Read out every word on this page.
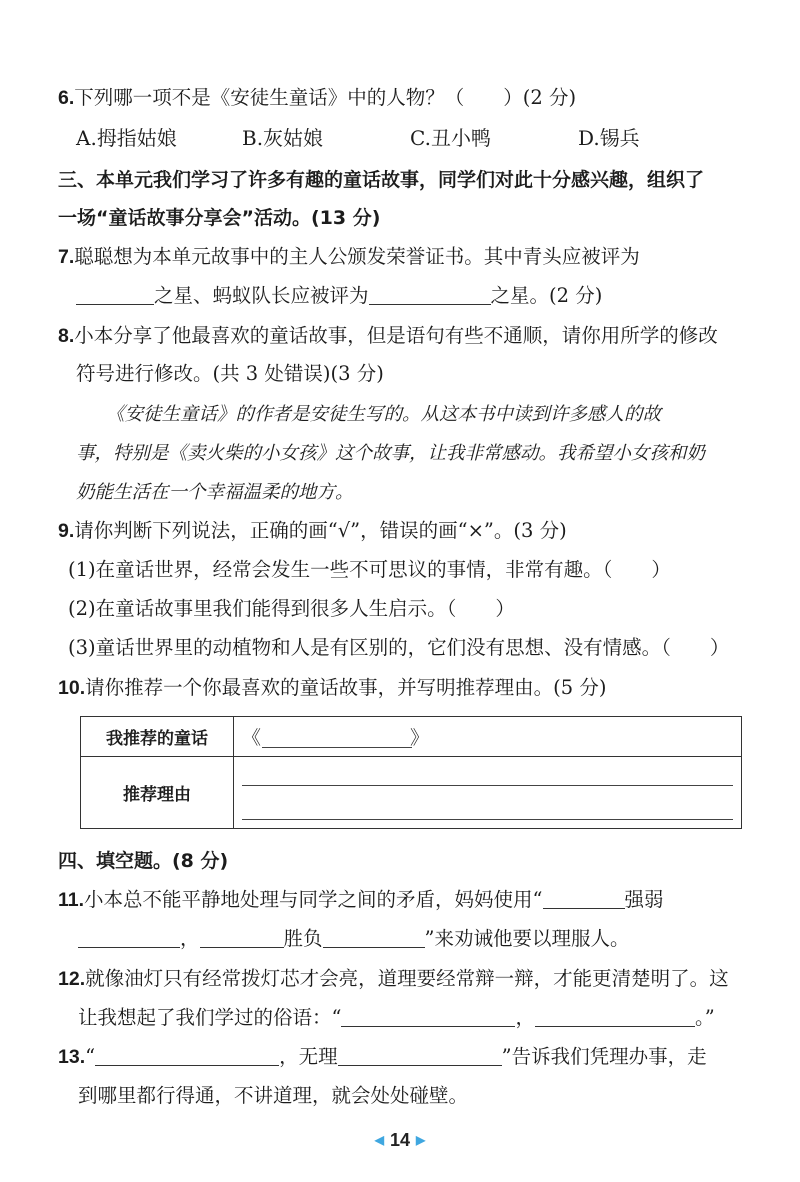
6.下列哪一项不是《安徒生童话》中的人物？（　　）(2 分)
A.拇指姑娘	B.灰姑娘	C.丑小鸭	D.锡兵
三、本单元我们学习了许多有趣的童话故事，同学们对此十分感兴趣，组织了
一场“童话故事分享会”活动。(13 分)
7.聪聪想为本单元故事中的主人公颁发荣誉证书。其中青头应被评为
之星、蚂蚁队长应被评为	之星。(2 分)
8.小本分享了他最喜欢的童话故事，但是语句有些不通顺，请你用所学的修改
符号进行修改。(共 3 处错误)(3 分)
《安徒生童话》的作者是安徒生写的。从这本书中读到许多感人的故
事，特别是《卖火柴的小女孩》这个故事，让我非常感动。我希望小女孩和奶
奶能生活在一个幸福温柔的地方。
9.请你判断下列说法，正确的画“√”，错误的画“×”。(3 分)
(1)在童话世界，经常会发生一些不可思议的事情，非常有趣。（　　）
(2)在童话故事里我们能得到很多人生启示。（　　）
(3)童话世界里的动植物和人是有区别的，它们没有思想、没有情感。（　　）
10.请你推荐一个你最喜欢的童话故事，并写明推荐理由。(5 分)
我推荐的童话	《 》

推荐理由	
四、填空题。(8 分)
11.小本总不能平静地处理与同学之间的矛盾，妈妈使用“	强弱
，	胜负	”来劝诫他要以理服人。
12.就像油灯只有经常拨灯芯才会亮，道理要经常辩一辩，才能更清楚明了。这
让我想起了我们学过的俗语：“	，	。”
13.“	，无理	”告诉我们凭理办事，走
到哪里都行得通，不讲道理，就会处处碰壁。
◀ 14 ▶
